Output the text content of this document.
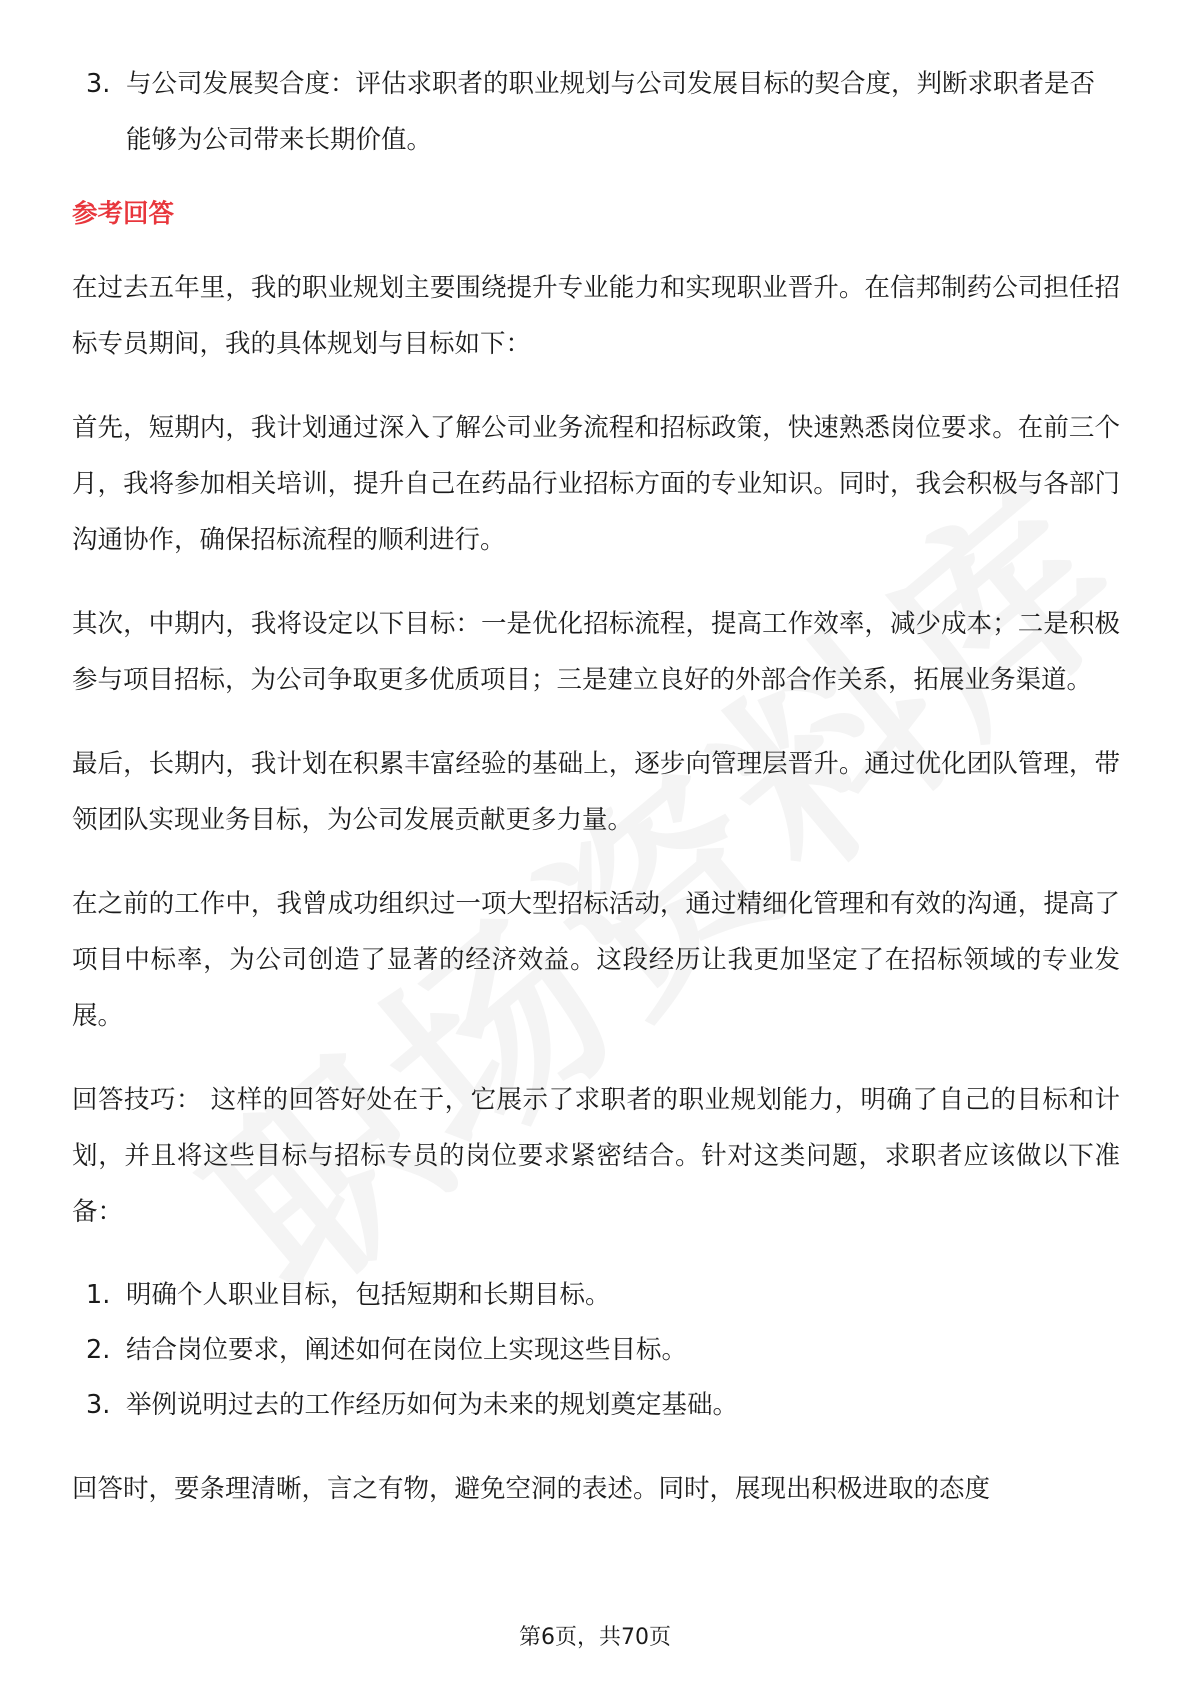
3. 与公司发展契合度：评估求职者的职业规划与公司发展目标的契合度，判断求职者是否能够为公司带来长期价值。
参考回答

在过去五年里，我的职业规划主要围绕提升专业能力和实现职业晋升。在信邦制药公司担任招标专员期间，我的具体规划与目标如下：

首先，短期内，我计划通过深入了解公司业务流程和招标政策，快速熟悉岗位要求。在前三个月，我将参加相关培训，提升自己在药品行业招标方面的专业知识。同时，我会积极与各部门沟通协作，确保招标流程的顺利进行。

其次，中期内，我将设定以下目标：一是优化招标流程，提高工作效率，减少成本；二是积极参与项目招标，为公司争取更多优质项目；三是建立良好的外部合作关系，拓展业务渠道。

最后，长期内，我计划在积累丰富经验的基础上，逐步向管理层晋升。通过优化团队管理，带领团队实现业务目标，为公司发展贡献更多力量。

在之前的工作中，我曾成功组织过一项大型招标活动，通过精细化管理和有效的沟通，提高了项目中标率，为公司创造了显著的经济效益。这段经历让我更加坚定了在招标领域的专业发展。

回答技巧： 这样的回答好处在于，它展示了求职者的职业规划能力，明确了自己的目标和计划，并且将这些目标与招标专员的岗位要求紧密结合。针对这类问题，求职者应该做以下准备：

1. 明确个人职业目标，包括短期和长期目标。
2. 结合岗位要求，阐述如何在岗位上实现这些目标。
3. 举例说明过去的工作经历如何为未来的规划奠定基础。

回答时，要条理清晰，言之有物，避免空洞的表述。同时，展现出积极进取的态度

第6页，共70页
